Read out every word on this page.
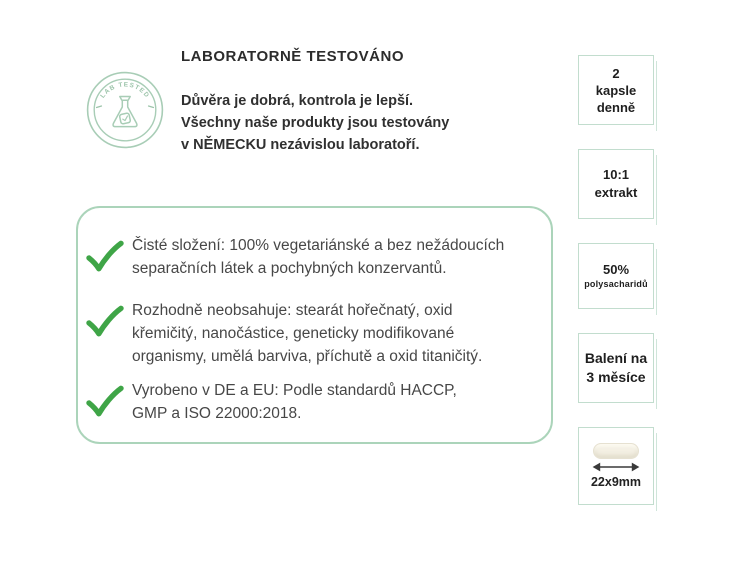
LAB TESTED
LABORATORNĚ TESTOVÁNO
Důvěra je dobrá, kontrola je lepší.
Všechny naše produkty jsou testovány
v NĚMECKU nezávislou laboratoří.
Čisté složení: 100% vegetariánské a bez nežádoucích
separačních látek a pochybných konzervantů.
Rozhodně neobsahuje: stearát hořečnatý, oxid
křemičitý, nanočástice, geneticky modifikované
organismy, umělá barviva, příchutě a oxid titaničitý.
Vyrobeno v DE a EU: Podle standardů HACCP,
GMP a ISO 22000:2018.
2
kapsle
denně
10:1
extrakt
50%
polysacharidů
Balení na
3 měsíce
22x9mm
